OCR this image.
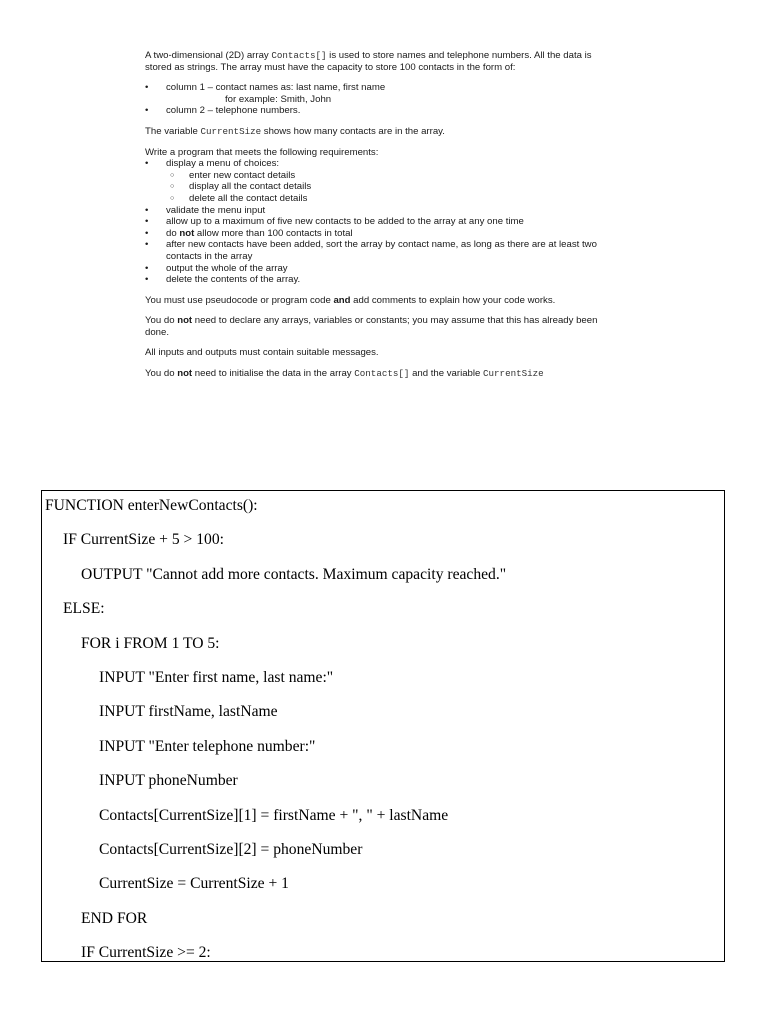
A two-dimensional (2D) array Contacts[] is used to store names and telephone numbers. All the data is stored as strings. The array must have the capacity to store 100 contacts in the form of:

• column 1 – contact names as: last name, first name
for example: Smith, John
• column 2 – telephone numbers.

The variable CurrentSize shows how many contacts are in the array.

Write a program that meets the following requirements:

• display a menu of choices:
○ enter new contact details
○ display all the contact details
○ delete all the contact details
• validate the menu input
• allow up to a maximum of five new contacts to be added to the array at any one time
• do not allow more than 100 contacts in total
• after new contacts have been added, sort the array by contact name, as long as there are at least two contacts in the array
• output the whole of the array
• delete the contents of the array.

You must use pseudocode or program code and add comments to explain how your code works.

You do not need to declare any arrays, variables or constants; you may assume that this has already been done.

All inputs and outputs must contain suitable messages.

You do not need to initialise the data in the array Contacts[] and the variable CurrentSize

FUNCTION enterNewContacts():
IF CurrentSize + 5 > 100:
OUTPUT "Cannot add more contacts. Maximum capacity reached."
ELSE:
FOR i FROM 1 TO 5:
INPUT "Enter first name, last name:"
INPUT firstName, lastName
INPUT "Enter telephone number:"
INPUT phoneNumber
Contacts[CurrentSize][1] = firstName + ", " + lastName
Contacts[CurrentSize][2] = phoneNumber
CurrentSize = CurrentSize + 1
END FOR
IF CurrentSize >= 2:
